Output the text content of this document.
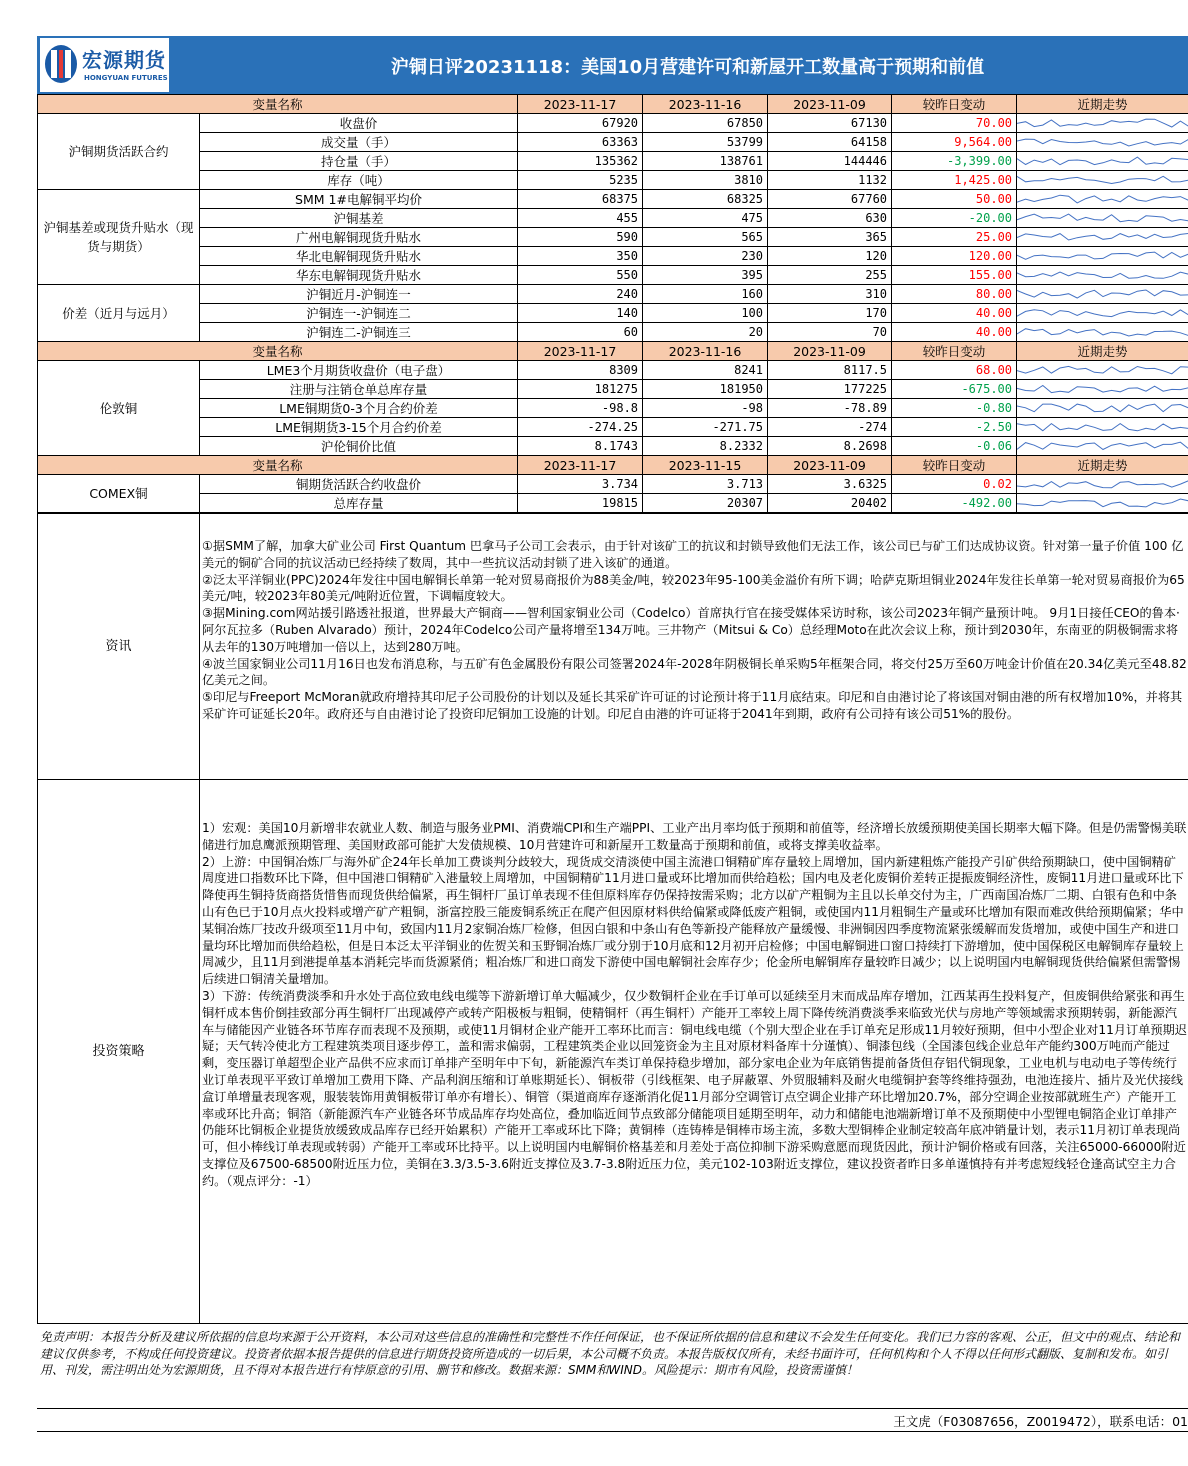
宏源期货
HONGYUAN FUTURES	沪铜日评20231118：美国10月营建许可和新屋开工数量高于预期和前值
变量名称		2023-11-17	2023-11-16	2023-11-09	较昨日变动	近期走势
沪铜期货活跃合约	收盘价	67920	67850	67130	70.00	

	成交量（手）	63363	53799	64158	9,564.00	

	持仓量（手）	135362	138761	144446	-3,399.00	

	库存（吨）	5235	3810	1132	1,425.00	

沪铜基差或现货升贴水（现货与期货）	SMM 1#电解铜平均价	68375	68325	67760	50.00	

	沪铜基差	455	475	630	-20.00	

	广州电解铜现货升贴水	590	565	365	25.00	

	华北电解铜现货升贴水	350	230	120	120.00	

	华东电解铜现货升贴水	550	395	255	155.00	

价差（近月与远月）	沪铜近月-沪铜连一	240	160	310	80.00	

	沪铜连一-沪铜连二	140	100	170	40.00	

	沪铜连二-沪铜连三	60	20	70	40.00	

变量名称		2023-11-17	2023-11-16	2023-11-09	较昨日变动	近期走势
伦敦铜	LME3个月期货收盘价（电子盘）	8309	8241	8117.5	68.00	

	注册与注销仓单总库存量	181275	181950	177225	-675.00	

	LME铜期货0-3个月合约价差	-98.8	-98	-78.89	-0.80	

	LME铜期货3-15个月合约价差	-274.25	-271.75	-274	-2.50	

	沪伦铜价比值	8.1743	8.2332	8.2698	-0.06	

变量名称		2023-11-17	2023-11-15	2023-11-09	较昨日变动	近期走势
COMEX铜	铜期货活跃合约收盘价	3.734	3.713	3.6325	0.02	

	总库存量	19815	20307	20402	-492.00	
资讯	①据SMM了解，加拿大矿业公司 First Quantum 巴拿马子公司工会表示，由于针对该矿工的抗议和封锁导致他们无法工作，该公司已与矿工们达成协议资。针对第一量子价值 100 亿美元的铜矿合同的抗议活动已经持续了数周，其中一些抗议活动封锁了进入该矿的通道。
②泛太平洋铜业(PPC)2024年发往中国电解铜长单第一轮对贸易商报价为88美金/吨，较2023年95-100美金溢价有所下调；哈萨克斯坦铜业2024年发往长单第一轮对贸易商报价为65美元/吨，较2023年80美元/吨附近位置，下调幅度较大。
③据Mining.com网站援引路透社报道，世界最大产铜商——智利国家铜业公司（Codelco）首席执行官在接受媒体采访时称，该公司2023年铜产量预计吨。 9月1日接任CEO的鲁本·阿尔瓦拉多（Ruben Alvarado）预计，2024年Codelco公司产量将增至134万吨。三井物产（Mitsui & Co）总经理Moto在此次会议上称，预计到2030年，东南亚的阴极铜需求将从去年的130万吨增加一倍以上，达到280万吨。
④波兰国家铜业公司11月16日也发布消息称，与五矿有色金属股份有限公司签署2024年-2028年阴极铜长单采购5年框架合同，将交付25万至60万吨金计价值在20.34亿美元至48.82亿美元之间。
⑤印尼与Freeport McMoran就政府增持其印尼子公司股份的计划以及延长其采矿许可证的讨论预计将于11月底结束。印尼和自由港讨论了将该国对铜由港的所有权增加10%，并将其采矿许可证延长20年。政府还与自由港讨论了投资印尼铜加工设施的计划。印尼自由港的许可证将于2041年到期，政府有公司持有该公司51%的股份。

投资策略	1）宏观：美国10月新增非农就业人数、制造与服务业PMI、消费端CPI和生产端PPI、工业产出月率均低于预期和前值等，经济增长放缓预期使美国长期率大幅下降。但是仍需警惕美联储进行加息鹰派预期管理、美国财政部可能扩大发债规模、10月营建许可和新屋开工数量高于预期和前值，或将支撑美收益率。
2）上游：中国铜冶炼厂与海外矿企24年长单加工费谈判分歧较大，现货成交清淡使中国主流港口铜精矿库存量较上周增加，国内新建粗炼产能投产引矿供给预期缺口，使中国铜精矿周度进口指数环比下降，但中国港口铜精矿入港量较上周增加，中国铜精矿11月进口量或环比增加而供给趋松；国内电及老化废铜价差转正提振废铜经济性，废铜11月进口量或环比下降使再生铜持货商搭货惜售而现货供给偏紧，再生铜杆厂虽订单表现不佳但原料库存仍保持按需采购；北方以矿产粗铜为主且以长单交付为主，广西南国冶炼厂二期、白银有色和中条山有色已于10月点火投料或增产矿产粗铜，浙富控股三能废铜系统正在爬产但因原材料供给偏紧或降低废产粗铜，或使国内11月粗铜生产量或环比增加有限而难改供给预期偏紧；华中某铜冶炼厂技改升级项至11月中旬，致国内11月2家铜冶炼厂检修，但因白银和中条山有色等新投产能释放产量缓慢、非洲铜因四季度物流紧张缓解而发货增加，或使中国生产和进口量均环比增加而供给趋松，但是日本泛太平洋铜业的佐贺关和玉野铜冶炼厂或分别于10月底和12月初开启检修；中国电解铜进口窗口持续打下游增加，使中国保税区电解铜库存量较上周减少，且11月到港提单基本消耗完毕而货源紧俏；粗冶炼厂和进口商发下游使中国电解铜社会库存少；伦金所电解铜库存量较昨日减少；以上说明国内电解铜现货供给偏紧但需警惕后续进口铜清关量增加。
3）下游：传统消费淡季和升水处于高位致电线电缆等下游新增订单大幅减少，仅少数铜杆企业在手订单可以延续至月末而成品库存增加，江西某再生投料复产，但废铜供给紧张和再生铜杆成本售价倒挂致部分再生铜杆厂出现减停产或转产阳极板与粗铜，使精铜杆（再生铜杆）产能开工率较上周下降传统消费淡季来临致光伏与房地产等领域需求预期转弱，新能源汽车与储能因产业链各环节库存而表现不及预期，或使11月铜材企业产能开工率环比而言：铜电线电缆（个别大型企业在手订单充足形成11月较好预期，但中小型企业对11月订单预期迟疑；天气转冷使北方工程建筑类项目逐步停工，盖和需求偏弱，工程建筑类企业以回笼资金为主且对原材料备库十分谨慎）、铜漆包线（全国漆包线企业总年产能约300万吨而产能过剩，变压器订单超型企业产品供不应求而订单排产至明年中下旬，新能源汽车类订单保持稳步增加，部分家电企业为年底销售提前备货但存铝代铜现象，工业电机与电动电子等传统行业订单表现平平致订单增加工费用下降、产品利润压缩和订单账期延长）、铜板带（引线框架、电子屏蔽罩、外贸服辅料及耐火电缆铜护套等终维持强劲，电池连接片、插片及光伏接线盒订单增量表现客观，服装装饰用黄铜板带订单亦有增长）、铜管（渠道商库存逐渐消化促11月部分空调管订点空调企业排产环比增加20.7%，部分空调企业按部就班生产）产能开工率或环比升高；铜箔（新能源汽车产业链各环节成品库存均处高位，叠加临近间节点致部分储能项目延期至明年，动力和储能电池端新增订单不及预期使中小型锂电铜箔企业订单排产仍能环比铜板企业提货放缓致成品库存已经开始累积）产能开工率或环比下降；黄铜棒（连铸棒是铜棒市场主流，多数大型铜棒企业制定较高年底冲销量计划，表示11月初订单表现尚可，但小棒线订单表现或转弱）产能开工率或环比持平。以上说明国内电解铜价格基差和月差处于高位抑制下游采购意愿而现货因此，预计沪铜价格或有回落，关注65000-66000附近支撑位及67500-68500附近压力位，美铜在3.3/3.5-3.6附近支撑位及3.7-3.8附近压力位，美元102-103附近支撑位，建议投资者昨日多单谨慎持有并考虑短线轻仓逢高试空主力合约。（观点评分：-1）
免责声明：本报告分析及建议所依据的信息均来源于公开资料，本公司对这些信息的准确性和完整性不作任何保证，也不保证所依据的信息和建议不会发生任何变化。我们已力容的客观、公正，但文中的观点、结论和建议仅供参考，不构成任何投资建议。投资者依据本报告提供的信息进行期货投资所造成的一切后果，本公司概不负责。本报告版权仅所有，未经书面许可，任何机构和个人不得以任何形式翻版、复制和发布。如引用、刊发，需注明出处为宏源期货，且不得对本报告进行有悖原意的引用、删节和修改。数据来源：SMM和WIND。风险提示：期市有风险，投资需谨慎！
王文虎（F03087656，Z0019472），联系电话：01
